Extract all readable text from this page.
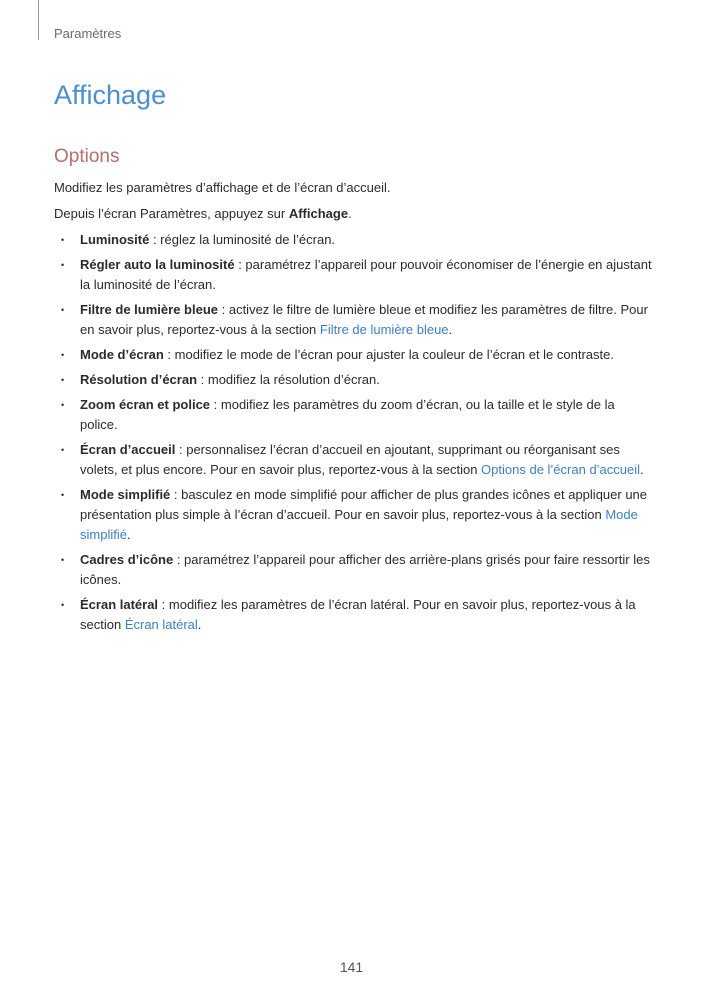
Paramètres
Affichage
Options

Modifiez les paramètres d’affichage et de l’écran d’accueil.

Depuis l’écran Paramètres, appuyez sur Affichage.

• Luminosité : réglez la luminosité de l’écran.
• Régler auto la luminosité : paramétrez l’appareil pour pouvoir économiser de l’énergie en ajustant la luminosité de l’écran.
• Filtre de lumière bleue : activez le filtre de lumière bleue et modifiez les paramètres de filtre. Pour en savoir plus, reportez-vous à la section Filtre de lumière bleue.
• Mode d’écran : modifiez le mode de l’écran pour ajuster la couleur de l’écran et le contraste.
• Résolution d’écran : modifiez la résolution d’écran.
• Zoom écran et police : modifiez les paramètres du zoom d’écran, ou la taille et le style de la police.
• Écran d’accueil : personnalisez l’écran d’accueil en ajoutant, supprimant ou réorganisant ses volets, et plus encore. Pour en savoir plus, reportez-vous à la section Options de l’écran d’accueil.
• Mode simplifié : basculez en mode simplifié pour afficher de plus grandes icônes et appliquer une présentation plus simple à l’écran d’accueil. Pour en savoir plus, reportez-vous à la section Mode simplifié.
• Cadres d’icône : paramétrez l’appareil pour afficher des arrière-plans grisés pour faire ressortir les icônes.
• Écran latéral : modifiez les paramètres de l’écran latéral. Pour en savoir plus, reportez-vous à la section Écran latéral.
141
